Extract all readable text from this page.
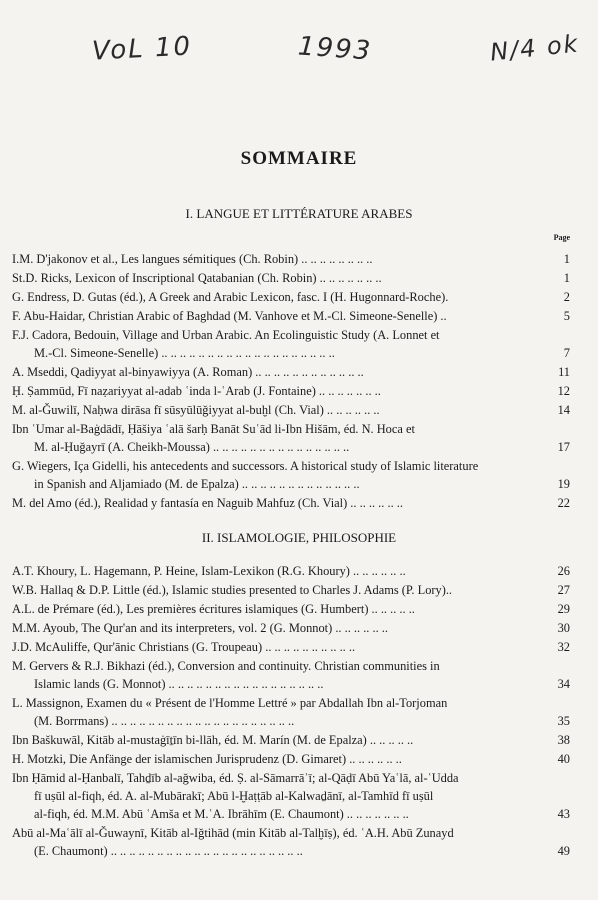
VoL 10	1993	N/4 ok
SOMMAIRE
I. LANGUE ET LITTÉRATURE ARABES
Page
I.M. D'jakonov et al., Les langues sémitiques (Ch. Robin) .. .. .. .. .. .. .. ..	1
St.D. Ricks, Lexicon of Inscriptional Qatabanian (Ch. Robin) .. .. .. .. .. .. ..	1
G. Endress, D. Gutas (éd.), A Greek and Arabic Lexicon, fasc. I (H. Hugonnard-Roche).	2
F. Abu-Haidar, Christian Arabic of Baghdad (M. Vanhove et M.-Cl. Simeone-Senelle) ..	5
F.J. Cadora, Bedouin, Village and Urban Arabic. An Ecolinguistic Study (A. Lonnet et
M.-Cl. Simeone-Senelle) .. .. .. .. .. .. .. .. .. .. .. .. .. .. .. .. .. .. ..	7
A. Mseddi, Qadiyyat al-binyawiyya (A. Roman) .. .. .. .. .. .. .. .. .. .. .. ..	11
Ḥ. Ṣammūd, Fī naẓariyyat al-adab ʿinda l-ʿArab (J. Fontaine) .. .. .. .. .. .. ..	12
M. al-Ǧuwilī, Naḥwa dirāsa fī sūsyūlūǧiyyat al-buḫl (Ch. Vial) .. .. .. .. .. ..	14
Ibn ʿUmar al-Baġdādī, Ḥāšiya ʿalā šarḥ Banāt Suʿād li-Ibn Hišām, éd. N. Hoca et
M. al-Ḥuǧayrī (A. Cheikh-Moussa) .. .. .. .. .. .. .. .. .. .. .. .. .. .. ..	17
G. Wiegers, Iça Gidelli, his antecedents and successors. A historical study of Islamic literature
in Spanish and Aljamiado (M. de Epalza) .. .. .. .. .. .. .. .. .. .. .. .. ..	19
M. del Amo (éd.), Realidad y fantasía en Naguib Mahfuz (Ch. Vial) .. .. .. .. .. ..	22
II. ISLAMOLOGIE, PHILOSOPHIE
A.T. Khoury, L. Hagemann, P. Heine, Islam-Lexikon (R.G. Khoury) .. .. .. .. .. ..	26
W.B. Hallaq & D.P. Little (éd.), Islamic studies presented to Charles J. Adams (P. Lory)..	27
A.L. de Prémare (éd.), Les premières écritures islamiques (G. Humbert) .. .. .. .. ..	29
M.M. Ayoub, The Qur'an and its interpreters, vol. 2 (G. Monnot) .. .. .. .. .. ..	30
J.D. McAuliffe, Qur'ānic Christians (G. Troupeau) .. .. .. .. .. .. .. .. .. ..	32
M. Gervers & R.J. Bikhazi (éd.), Conversion and continuity. Christian communities in
Islamic lands (G. Monnot) .. .. .. .. .. .. .. .. .. .. .. .. .. .. .. .. ..	34
L. Massignon, Examen du « Présent de l'Homme Lettré » par Abdallah Ibn al-Torjoman
(M. Borrmans) .. .. .. .. .. .. .. .. .. .. .. .. .. .. .. .. .. .. .. ..	35
Ibn Baškuwāl, Kitāb al-mustaġīṯīn bi-llāh, éd. M. Marín (M. de Epalza) .. .. .. .. ..	38
H. Motzki, Die Anfänge der islamischen Jurisprudenz (D. Gimaret) .. .. .. .. .. ..	40
Ibn Ḥāmid al-Ḥanbalī, Tahḏīb al-aǧwiba, éd. Ṣ. al-Sāmarrāʾī; al-Qāḍī Abū Yaʿlā, al-ʿUdda
fī uṣūl al-fiqh, éd. A. al-Mubārakī; Abū l-Ḫaṭṭāb al-Kalwaḏānī, al-Tamhīd fī uṣūl
al-fiqh, éd. M.M. Abū ʿAmša et M.ʿA. Ibrāhīm (E. Chaumont) .. .. .. .. .. .. ..	43
Abū al-Maʿālī al-Ǧuwaynī, Kitāb al-Iǧtihād (min Kitāb al-Talḫīṣ), éd. ʿA.H. Abū Zunayd
(E. Chaumont) .. .. .. .. .. .. .. .. .. .. .. .. .. .. .. .. .. .. .. .. ..	49
